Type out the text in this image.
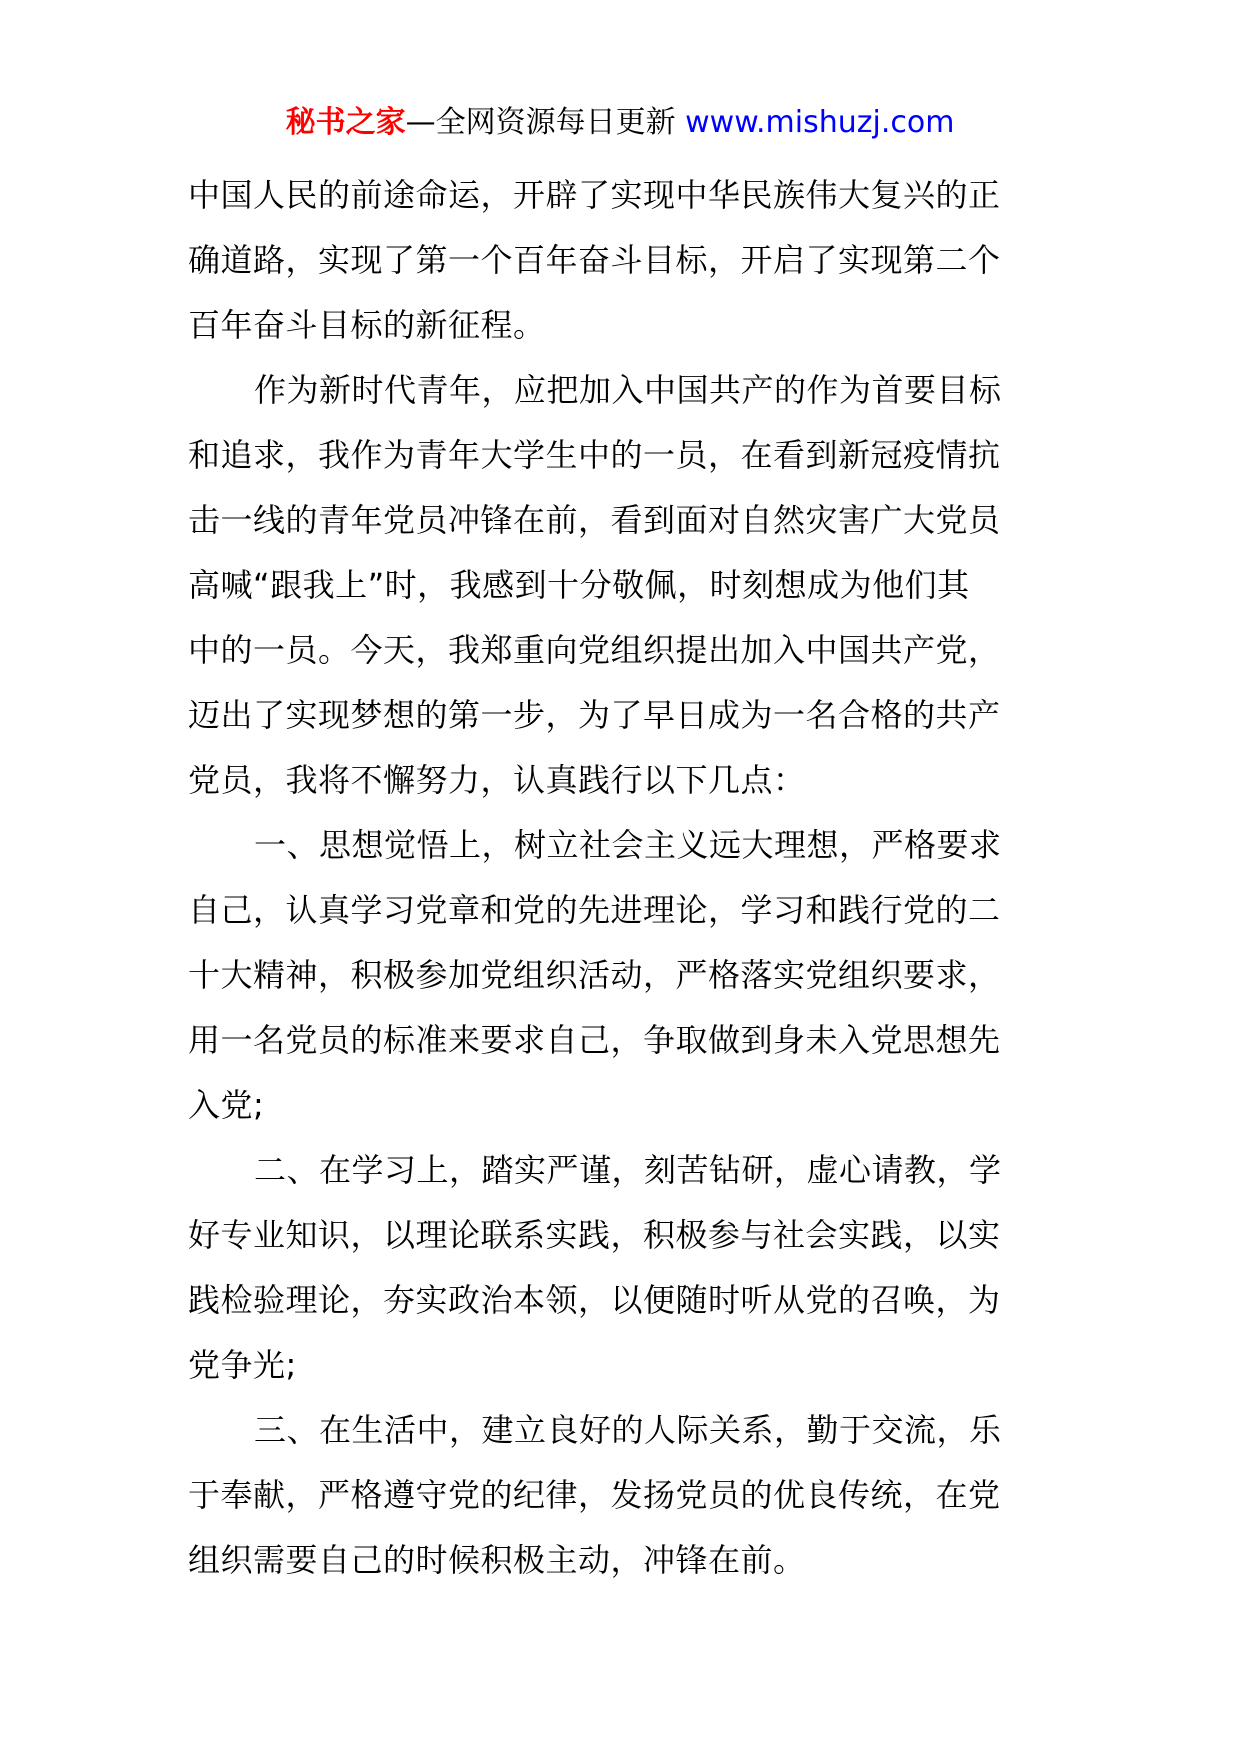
秘书之家—全网资源每日更新 www.mishuzj.com
中国人民的前途命运，开辟了实现中华民族伟大复兴的正
确道路，实现了第一个百年奋斗目标，开启了实现第二个
百年奋斗目标的新征程。
作为新时代青年，应把加入中国共产的作为首要目标
和追求，我作为青年大学生中的一员，在看到新冠疫情抗
击一线的青年党员冲锋在前，看到面对自然灾害广大党员
高喊“跟我上”时，我感到十分敬佩，时刻想成为他们其
中的一员。今天，我郑重向党组织提出加入中国共产党，
迈出了实现梦想的第一步，为了早日成为一名合格的共产
党员，我将不懈努力，认真践行以下几点：
一、思想觉悟上，树立社会主义远大理想，严格要求
自己，认真学习党章和党的先进理论，学习和践行党的二
十大精神，积极参加党组织活动，严格落实党组织要求，
用一名党员的标准来要求自己，争取做到身未入党思想先
入党;
二、在学习上，踏实严谨，刻苦钻研，虚心请教，学
好专业知识，以理论联系实践，积极参与社会实践，以实
践检验理论，夯实政治本领，以便随时听从党的召唤，为
党争光;
三、在生活中，建立良好的人际关系，勤于交流，乐
于奉献，严格遵守党的纪律，发扬党员的优良传统，在党
组织需要自己的时候积极主动，冲锋在前。
